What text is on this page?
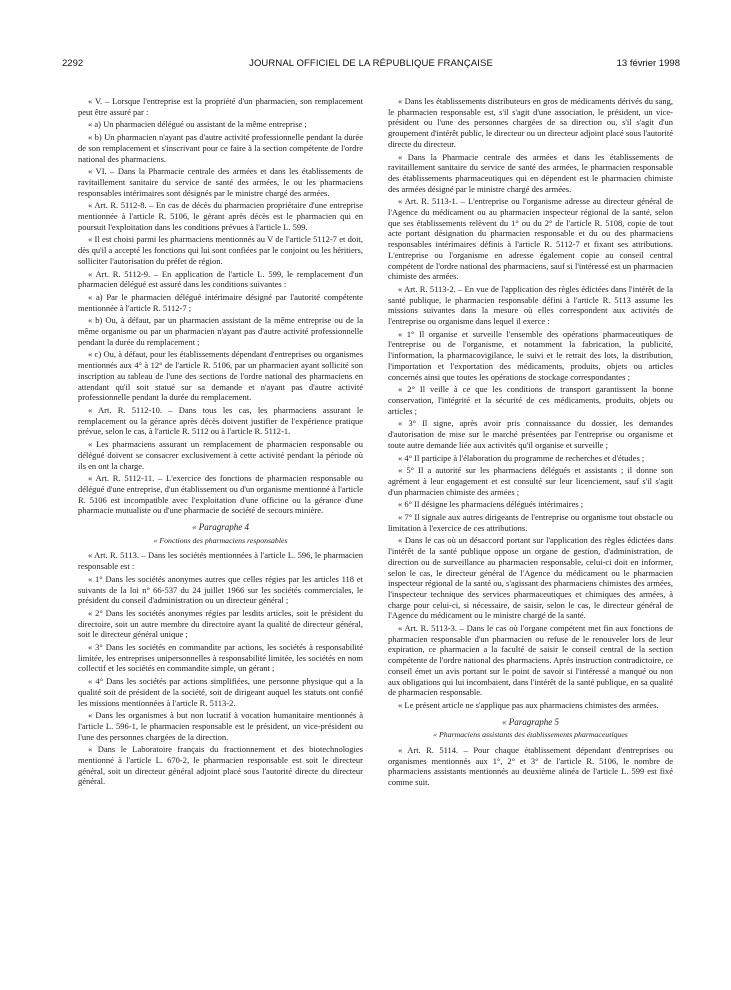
2292	JOURNAL OFFICIEL DE LA RÉPUBLIQUE FRANÇAISE	13 février 1998

« V. – Lorsque l'entreprise est la propriété d'un pharmacien, son remplacement peut être assuré par :

« a) Un pharmacien délégué ou assistant de la même entreprise ;

« b) Un pharmacien n'ayant pas d'autre activité professionnelle pendant la durée de son remplacement et s'inscrivant pour ce faire à la section compétente de l'ordre national des pharmaciens.

« VI. – Dans la Pharmacie centrale des armées et dans les établissements de ravitaillement sanitaire du service de santé des armées, le ou les pharmaciens responsables intérimaires sont désignés par le ministre chargé des armées.

« Art. R. 5112-8. – En cas de décès du pharmacien propriétaire d'une entreprise mentionnée à l'article R. 5106, le gérant après décès est le pharmacien qui en poursuit l'exploitation dans les conditions prévues à l'article L. 599.

« Il est choisi parmi les pharmaciens mentionnés au V de l'article 5112-7 et doit, dès qu'il a accepté les fonctions qui lui sont confiées par le conjoint ou les héritiers, solliciter l'autorisation du préfet de région.

« Art. R. 5112-9. – En application de l'article L. 599, le remplacement d'un pharmacien délégué est assuré dans les conditions suivantes :

« a) Par le pharmacien délégué intérimaire désigné par l'autorité compétente mentionnée à l'article R. 5112-7 ;

« b) Ou, à défaut, par un pharmacien assistant de la même entreprise ou de la même organisme ou par un pharmacien n'ayant pas d'autre activité professionnelle pendant la durée du remplacement ;

« c) Ou, à défaut, pour les établissements dépendant d'entreprises ou organismes mentionnés aux 4° à 12° de l'article R. 5106, par un pharmacien ayant sollicité son inscription au tableau de l'une des sections de l'ordre national des pharmaciens en attendant qu'il soit statué sur sa demande et n'ayant pas d'autre activité professionnelle pendant la durée du remplacement.

« Art. R. 5112-10. – Dans tous les cas, les pharmaciens assurant le remplacement ou la gérance après décès doivent justifier de l'expérience pratique prévue, selon le cas, à l'article R. 5112 ou à l'article R. 5112-1.

« Les pharmaciens assurant un remplacement de pharmacien responsable ou délégué doivent se consacrer exclusivement à cette activité pendant la période où ils en ont la charge.

« Art. R. 5112-11. – L'exercice des fonctions de pharmacien responsable ou délégué d'une entreprise, d'un établissement ou d'un organisme mentionné à l'article R. 5106 est incompatible avec l'exploitation d'une officine ou la gérance d'une pharmacie mutualiste ou d'une pharmacie de société de secours minière.

« Paragraphe 4
« Fonctions des pharmaciens responsables

« Art. R. 5113. – Dans les sociétés mentionnées à l'article L. 596, le pharmacien responsable est :

« 1° Dans les sociétés anonymes autres que celles régies par les articles 118 et suivants de la loi n° 66-537 du 24 juillet 1966 sur les sociétés commerciales, le président du conseil d'administration ou un directeur général ;

« 2° Dans les sociétés anonymes régies par lesdits articles, soit le président du directoire, soit un autre membre du directoire ayant la qualité de directeur général, soit le directeur général unique ;

« 3° Dans les sociétés en commandite par actions, les sociétés à responsabilité limitée, les entreprises unipersonnelles à responsabilité limitée, les sociétés en nom collectif et les sociétés en commandite simple, un gérant ;

« 4° Dans les sociétés par actions simplifiées, une personne physique qui a la qualité soit de président de la société, soit de dirigeant auquel les statuts ont confié les missions mentionnées à l'article R. 5113-2.

« Dans les organismes à but non lucratif à vocation humanitaire mentionnés à l'article L. 596-1, le pharmacien responsable est le président, un vice-président ou l'une des personnes chargées de la direction.

« Dans le Laboratoire français du fractionnement et des biotechnologies mentionné à l'article L. 670-2, le pharmacien responsable est soit le directeur général, soit un directeur général adjoint placé sous l'autorité directe du directeur général.

« Dans les établissements distributeurs en gros de médicaments dérivés du sang, le pharmacien responsable est, s'il s'agit d'une association, le président, un vice-président ou l'une des personnes chargées de sa direction ou, s'il s'agit d'un groupement d'intérêt public, le directeur ou un directeur adjoint placé sous l'autorité directe du directeur.

« Dans la Pharmacie centrale des armées et dans les établissements de ravitaillement sanitaire du service de santé des armées, le pharmacien responsable des établissements pharmaceutiques qui en dépendent est le pharmacien chimiste des armées désigné par le ministre chargé des armées.

« Art. R. 5113-1. – L'entreprise ou l'organisme adresse au directeur général de l'Agence du médicament ou au pharmacien inspecteur régional de la santé, selon que ses établissements relèvent du 1° ou du 2° de l'article R. 5108, copie de tout acte portant désignation du pharmacien responsable et du ou des pharmaciens responsables intérimaires définis à l'article R. 5112-7 et fixant ses attributions. L'entreprise ou l'organisme en adresse également copie au conseil central compétent de l'ordre national des pharmaciens, sauf si l'intéressé est un pharmacien chimiste des armées.

« Art. R. 5113-2. – En vue de l'application des règles édictées dans l'intérêt de la santé publique, le pharmacien responsable défini à l'article R. 5113 assume les missions suivantes dans la mesure où elles correspondent aux activités de l'entreprise ou organisme dans lequel il exerce :

« 1° Il organise et surveille l'ensemble des opérations pharmaceutiques de l'entreprise ou de l'organisme, et notamment la fabrication, la publicité, l'information, la pharmacovigilance, le suivi et le retrait des lots, la distribution, l'importation et l'exportation des médicaments, produits, objets ou articles concernés ainsi que toutes les opérations de stockage correspondantes ;

« 2° Il veille à ce que les conditions de transport garantissent la bonne conservation, l'intégrité et la sécurité de ces médicaments, produits, objets ou articles ;

« 3° Il signe, après avoir pris connaissance du dossier, les demandes d'autorisation de mise sur le marché présentées par l'entreprise ou organisme et toute autre demande liée aux activités qu'il organise et surveille ;

« 4° Il participe à l'élaboration du programme de recherches et d'études ;

« 5° Il a autorité sur les pharmaciens délégués et assistants ; il donne son agrément à leur engagement et est consulté sur leur licenciement, sauf s'il s'agit d'un pharmacien chimiste des armées ;

« 6° Il désigne les pharmaciens délégués intérimaires ;

« 7° Il signale aux autres dirigeants de l'entreprise ou organisme tout obstacle ou limitation à l'exercice de ces attributions.

« Dans le cas où un désaccord portant sur l'application des règles édictées dans l'intérêt de la santé publique oppose un organe de gestion, d'administration, de direction ou de surveillance au pharmacien responsable, celui-ci doit en informer, selon le cas, le directeur général de l'Agence du médicament ou le pharmacien inspecteur régional de la santé ou, s'agissant des pharmaciens chimistes des armées, l'inspecteur technique des services pharmaceutiques et chimiques des armées, à charge pour celui-ci, si nécessaire, de saisir, selon le cas, le directeur général de l'Agence du médicament ou le ministre chargé de la santé.

« Art. R. 5113-3. – Dans le cas où l'organe compétent met fin aux fonctions de pharmacien responsable d'un pharmacien ou refuse de le renouveler lors de leur expiration, ce pharmacien a la faculté de saisir le conseil central de la section compétente de l'ordre national des pharmaciens. Après instruction contradictoire, ce conseil émet un avis portant sur le point de savoir si l'intéressé a manqué ou non aux obligations qui lui incombaient, dans l'intérêt de la santé publique, en sa qualité de pharmacien responsable.

« Le présent article ne s'applique pas aux pharmaciens chimistes des armées.

« Paragraphe 5
« Pharmaciens assistants des établissements pharmaceutiques

« Art. R. 5114. – Pour chaque établissement dépendant d'entreprises ou organismes mentionnés aux 1°, 2° et 3° de l'article R. 5106, le nombre de pharmaciens assistants mentionnés au deuxième alinéa de l'article L. 599 est fixé comme suit.
